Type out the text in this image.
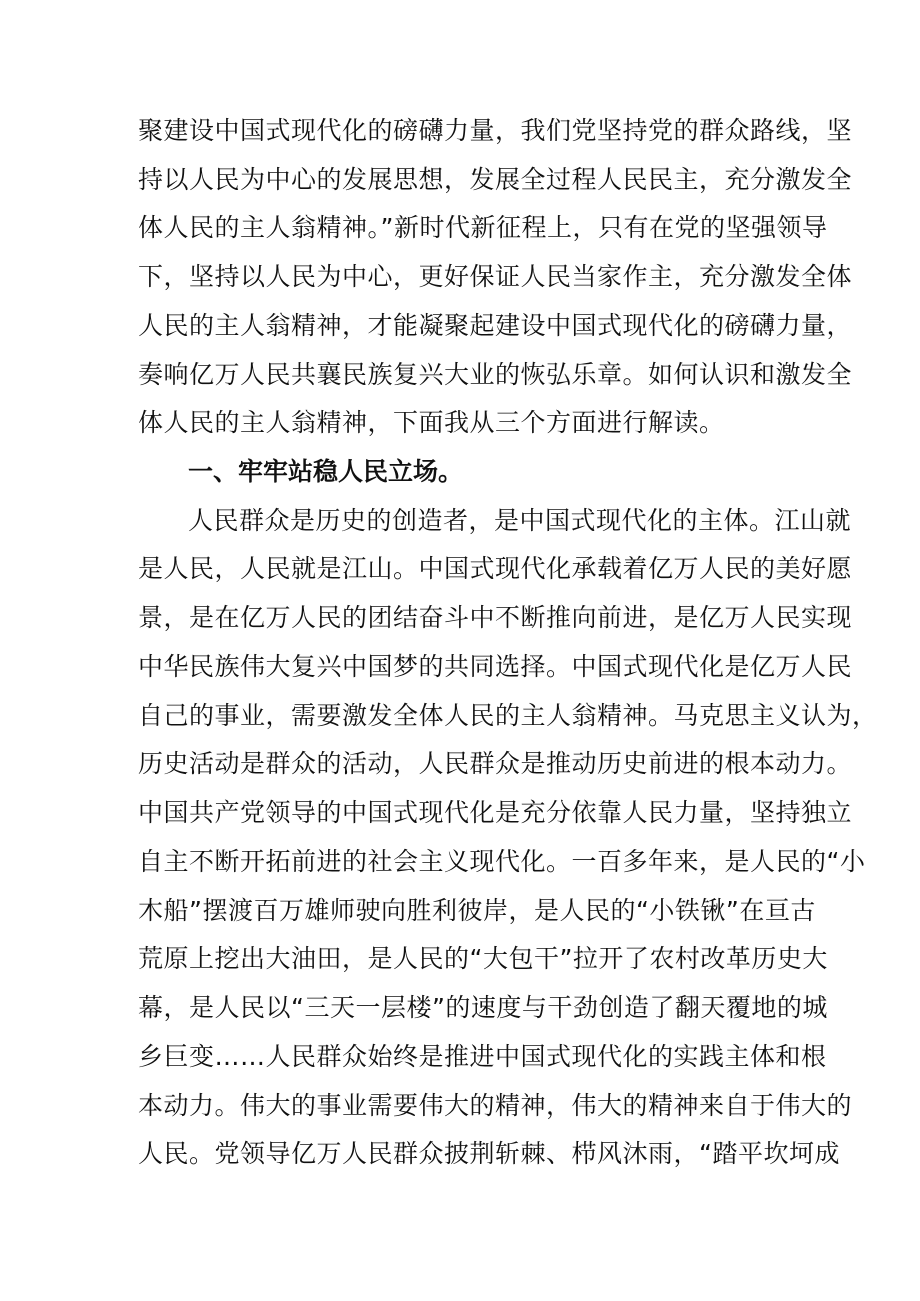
聚建设中国式现代化的磅礴力量，我们党坚持党的群众路线，坚
持以人民为中心的发展思想，发展全过程人民民主，充分激发全
体人民的主人翁精神。”新时代新征程上，只有在党的坚强领导
下，坚持以人民为中心，更好保证人民当家作主，充分激发全体
人民的主人翁精神，才能凝聚起建设中国式现代化的磅礴力量，
奏响亿万人民共襄民族复兴大业的恢弘乐章。如何认识和激发全
体人民的主人翁精神，下面我从三个方面进行解读。
一、牢牢站稳人民立场。
人民群众是历史的创造者，是中国式现代化的主体。江山就
是人民，人民就是江山。中国式现代化承载着亿万人民的美好愿
景，是在亿万人民的团结奋斗中不断推向前进，是亿万人民实现
中华民族伟大复兴中国梦的共同选择。中国式现代化是亿万人民
自己的事业，需要激发全体人民的主人翁精神。马克思主义认为，
历史活动是群众的活动，人民群众是推动历史前进的根本动力。
中国共产党领导的中国式现代化是充分依靠人民力量，坚持独立
自主不断开拓前进的社会主义现代化。一百多年来，是人民的“小
木船”摆渡百万雄师驶向胜利彼岸，是人民的“小铁锹”在亘古
荒原上挖出大油田，是人民的“大包干”拉开了农村改革历史大
幕，是人民以“三天一层楼”的速度与干劲创造了翻天覆地的城
乡巨变……人民群众始终是推进中国式现代化的实践主体和根
本动力。伟大的事业需要伟大的精神，伟大的精神来自于伟大的
人民。党领导亿万人民群众披荆斩棘、栉风沐雨，“踏平坎坷成
